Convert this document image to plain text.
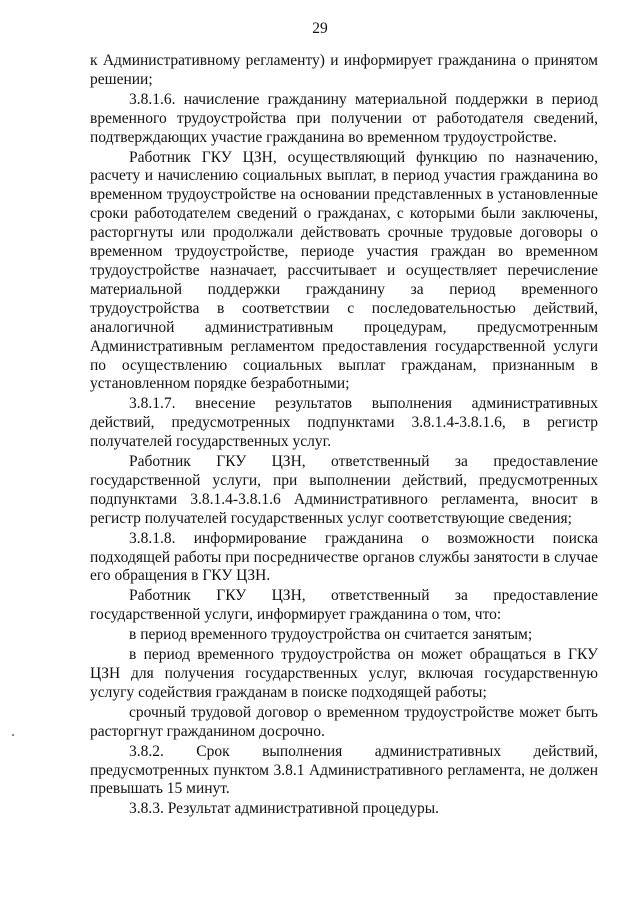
29

к Административному регламенту) и информирует гражданина о принятом решении;

3.8.1.6. начисление гражданину материальной поддержки в период временного трудоустройства при получении от работодателя сведений, подтверждающих участие гражданина во временном трудоустройстве.

Работник ГКУ ЦЗН, осуществляющий функцию по назначению, расчету и начислению социальных выплат, в период участия гражданина во временном трудоустройстве на основании представленных в установленные сроки работодателем сведений о гражданах, с которыми были заключены, расторгнуты или продолжали действовать срочные трудовые договоры о временном трудоустройстве, периоде участия граждан во временном трудоустройстве назначает, рассчитывает и осуществляет перечисление материальной поддержки гражданину за период временного трудоустройства в соответствии с последовательностью действий, аналогичной административным процедурам, предусмотренным Административным регламентом предоставления государственной услуги по осуществлению социальных выплат гражданам, признанным в установленном порядке безработными;

3.8.1.7. внесение результатов выполнения административных действий, предусмотренных подпунктами 3.8.1.4-3.8.1.6, в регистр получателей государственных услуг.

Работник ГКУ ЦЗН, ответственный за предоставление государственной услуги, при выполнении действий, предусмотренных подпунктами 3.8.1.4-3.8.1.6 Административного регламента, вносит в регистр получателей государственных услуг соответствующие сведения;

3.8.1.8. информирование гражданина о возможности поиска подходящей работы при посредничестве органов службы занятости в случае его обращения в ГКУ ЦЗН.

Работник ГКУ ЦЗН, ответственный за предоставление государственной услуги, информирует гражданина о том, что:

в период временного трудоустройства он считается занятым;

в период временного трудоустройства он может обращаться в ГКУ ЦЗН для получения государственных услуг, включая государственную услугу содействия гражданам в поиске подходящей работы;

срочный трудовой договор о временном трудоустройстве может быть расторгнут гражданином досрочно.

3.8.2. Срок выполнения административных действий, предусмотренных пунктом 3.8.1 Административного регламента, не должен превышать 15 минут.

3.8.3. Результат административной процедуры.
